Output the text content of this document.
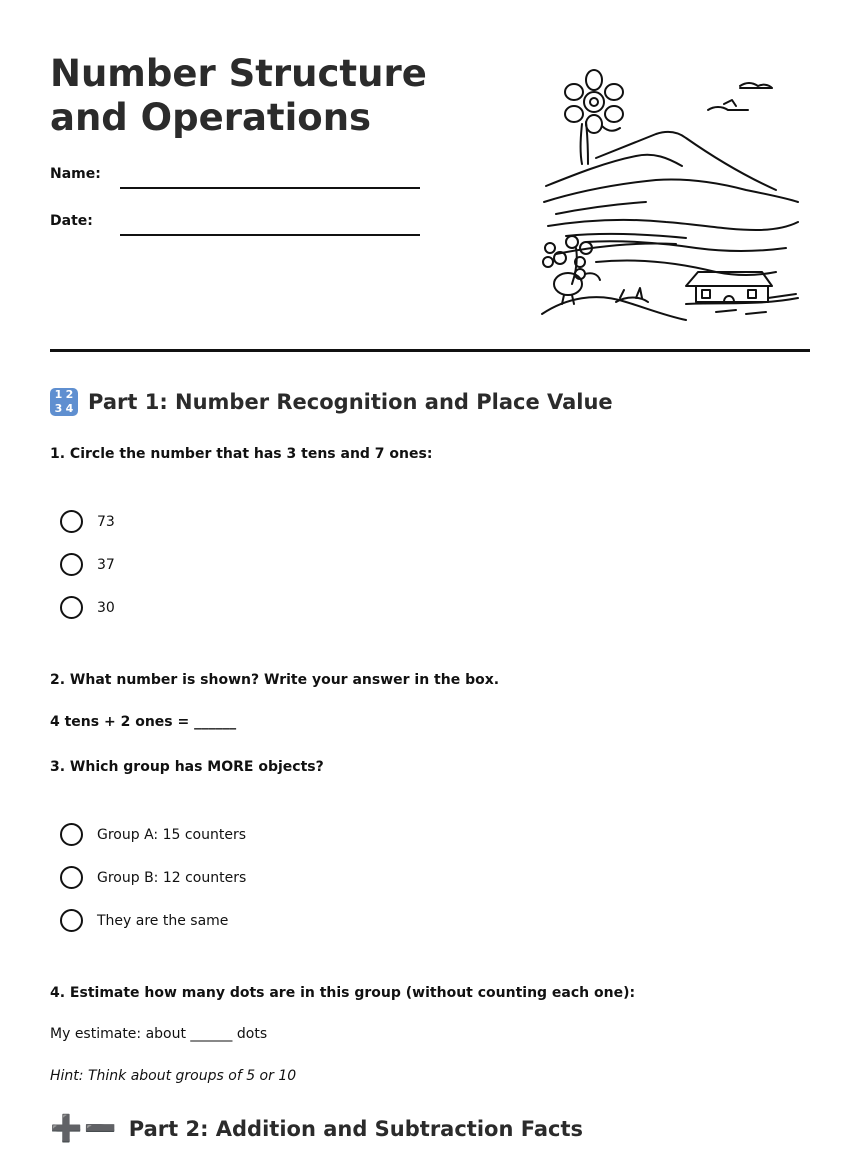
Number Structure and Operations
Name:
Date:
1 2
3 4 Part 1: Number Recognition and Place Value
1. Circle the number that has 3 tens and 7 ones:
73
37
30
2. What number is shown? Write your answer in the box.
4 tens + 2 ones = ______
3. Which group has MORE objects?
Group A: 15 counters
Group B: 12 counters
They are the same
4. Estimate how many dots are in this group (without counting each one):
My estimate: about ______ dots
Hint: Think about groups of 5 or 10
➕➖ Part 2: Addition and Subtraction Facts
